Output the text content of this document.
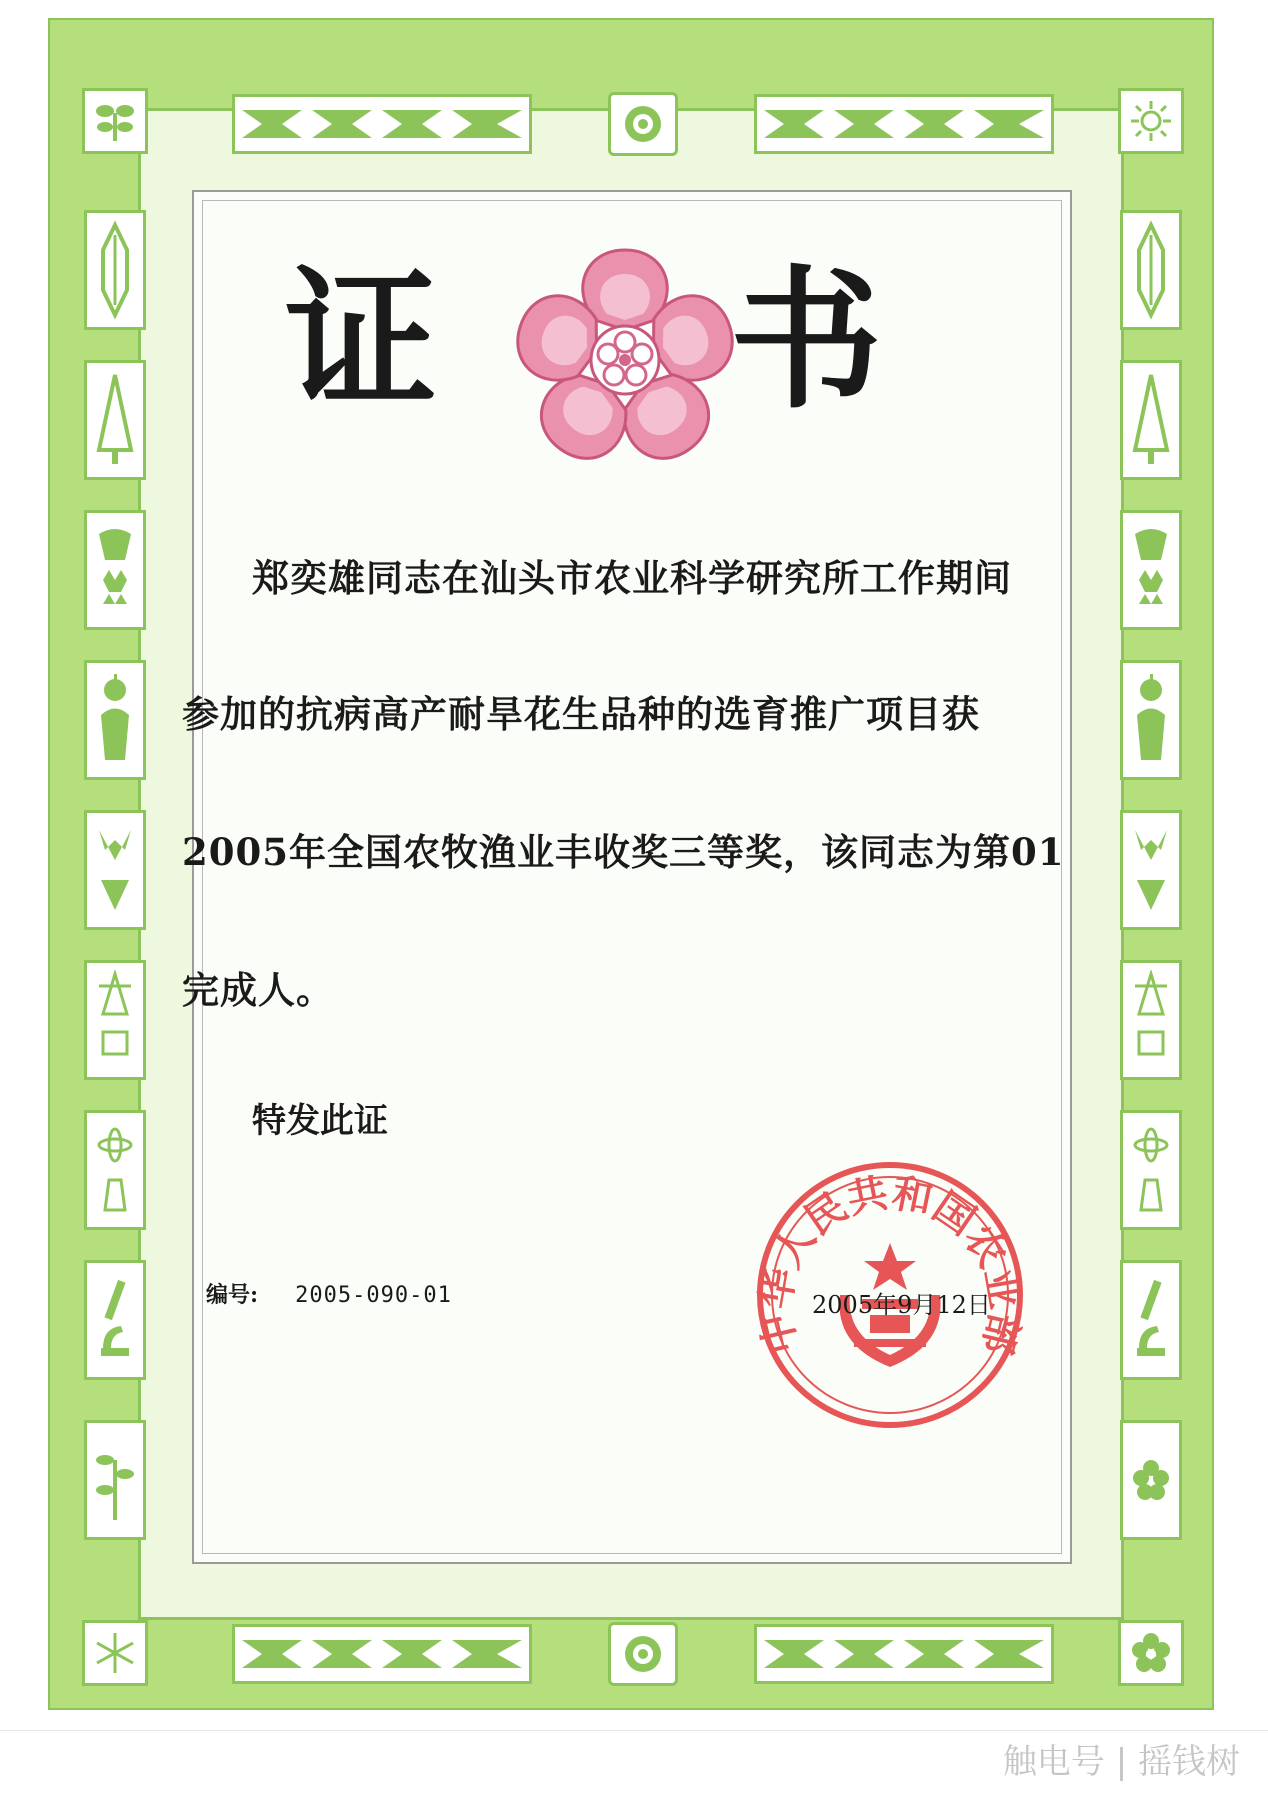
证 书
郑奕雄同志在汕头市农业科学研究所工作期间
参加的抗病高产耐旱花生品种的选育推广项目获
2005年全国农牧渔业丰收奖三等奖，该同志为第01
完成人。
特发此证
编号: 2005-090-01
中华人民共和国农业部
2005年9月12日
触电号 | 摇钱树
